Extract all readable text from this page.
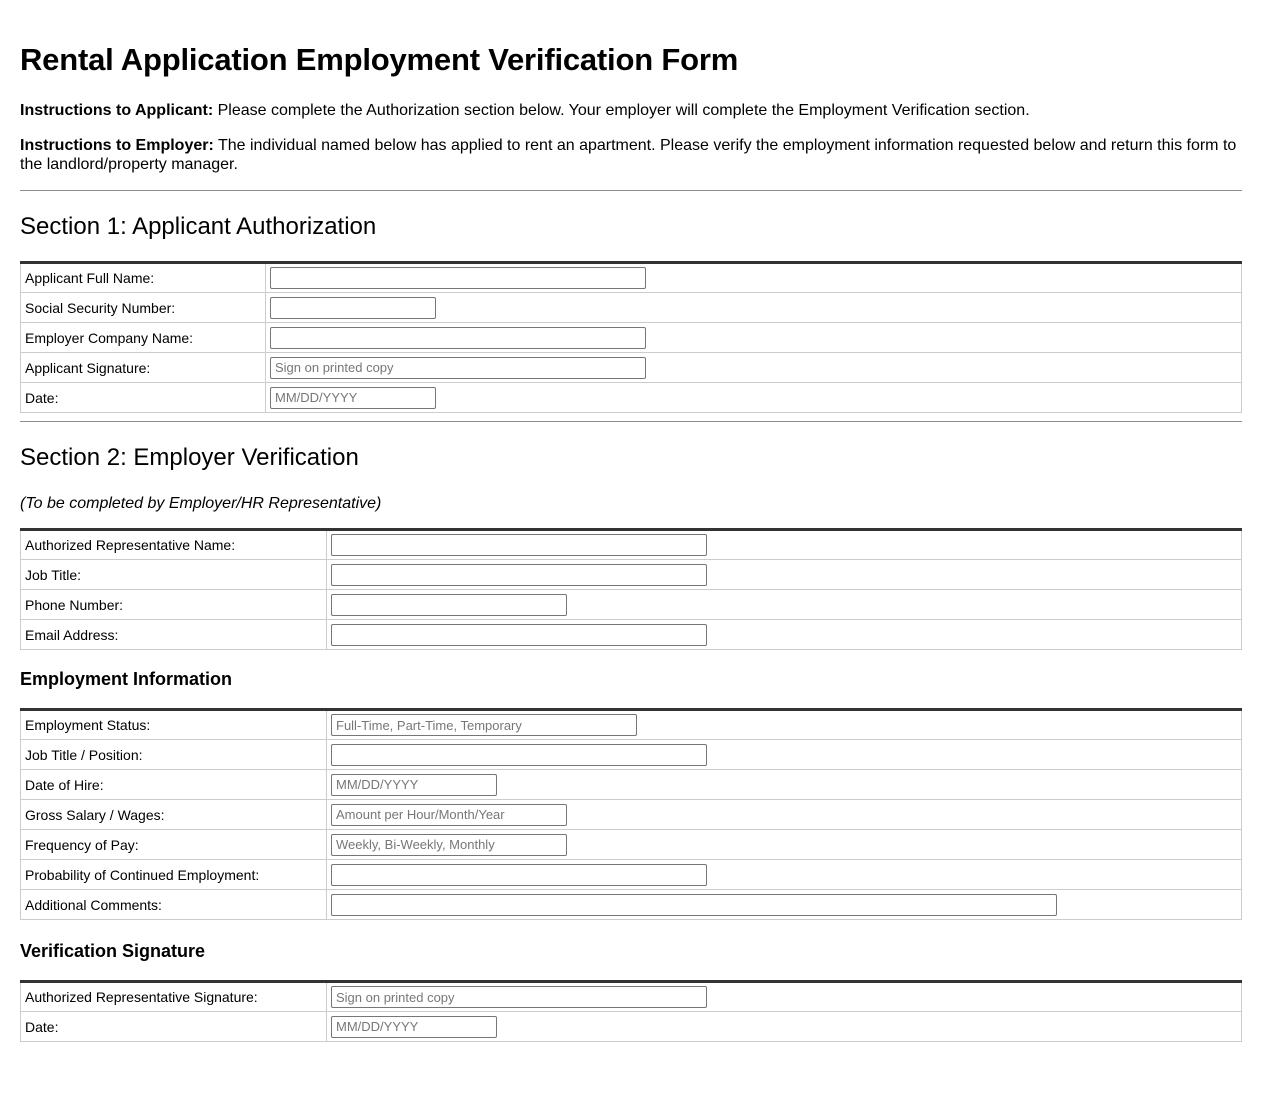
Rental Application Employment Verification Form

Instructions to Applicant: Please complete the Authorization section below. Your employer will complete the Employment Verification section.

Instructions to Employer: The individual named below has applied to rent an apartment. Please verify the employment information requested below and return this form to the landlord/property manager.

Section 1: Applicant Authorization
Applicant Full Name:	

Social Security Number:	

Employer Company Name:	

Applicant Signature:	
Sign on printed copy
Date:	
MM/DD/YYYY
Section 2: Employer Verification

(To be completed by Employer/HR Representative)

Authorized Representative Name:	

Job Title:	

Phone Number:	

Email Address:	
Employment Information
Employment Status:	
Full-Time, Part-Time, Temporary
Job Title / Position:	

Date of Hire:	
MM/DD/YYYY
Gross Salary / Wages:	
Amount per Hour/Month/Year
Frequency of Pay:	
Weekly, Bi-Weekly, Monthly
Probability of Continued Employment:	

Additional Comments:	
Verification Signature
Authorized Representative Signature:	
Sign on printed copy
Date:	
MM/DD/YYYY
